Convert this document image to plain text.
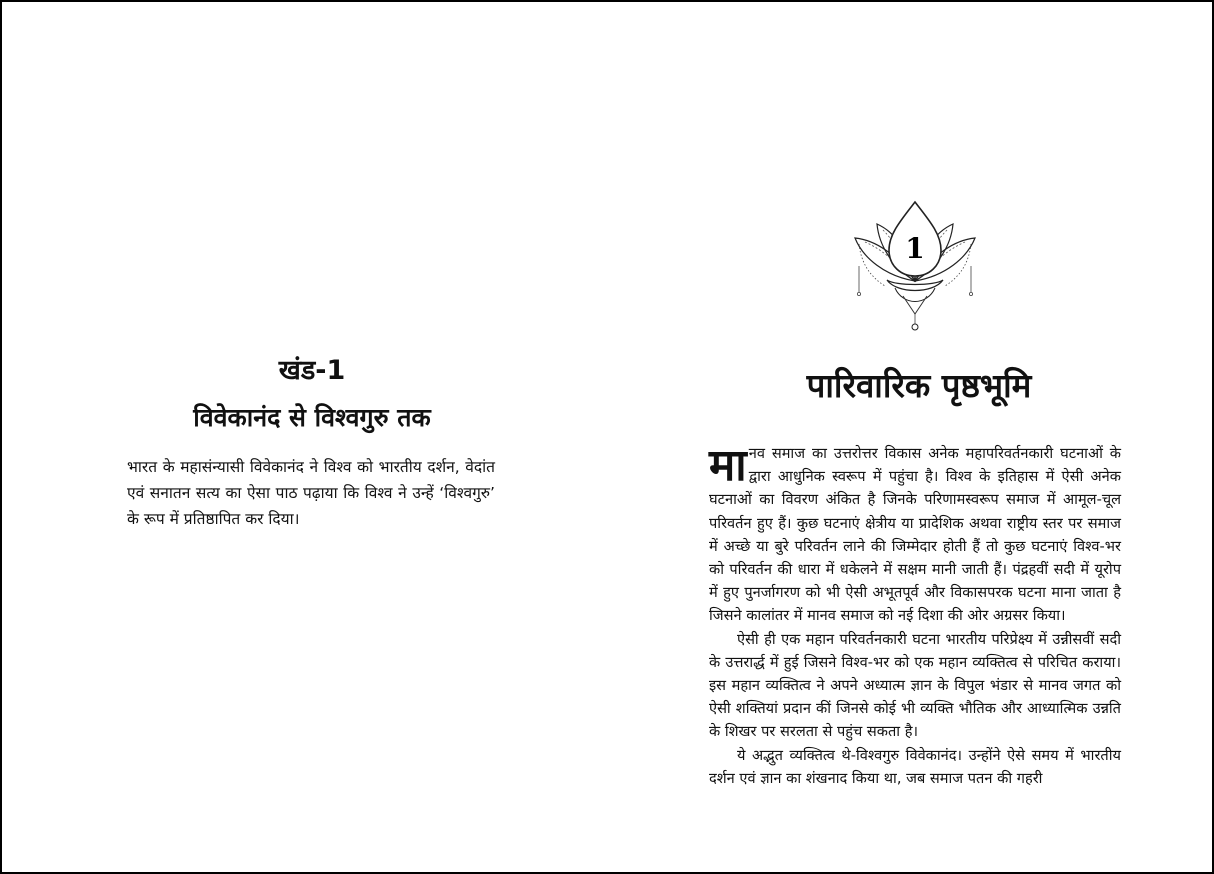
खंड-1
विवेकानंद से विश्वगुरु तक
भारत के महासंन्यासी विवेकानंद ने विश्व को भारतीय दर्शन, वेदांत एवं सनातन सत्य का ऐसा पाठ पढ़ाया कि विश्व ने उन्हें ‘विश्वगुरु’ के रूप में प्रतिष्ठापित कर दिया।
1
पारिवारिक पृष्ठभूमि

मानव समाज का उत्तरोत्तर विकास अनेक महापरिवर्तनकारी घटनाओं के द्वारा आधुनिक स्वरूप में पहुंचा है। विश्व के इतिहास में ऐसी अनेक घटनाओं का विवरण अंकित है जिनके परिणामस्वरूप समाज में आमूल-चूल परिवर्तन हुए हैं। कुछ घटनाएं क्षेत्रीय या प्रादेशिक अथवा राष्ट्रीय स्तर पर समाज में अच्छे या बुरे परिवर्तन लाने की जिम्मेदार होती हैं तो कुछ घटनाएं विश्व-भर को परिवर्तन की धारा में धकेलने में सक्षम मानी जाती हैं। पंद्रहवीं सदी में यूरोप में हुए पुनर्जागरण को भी ऐसी अभूतपूर्व और विकासपरक घटना माना जाता है जिसने कालांतर में मानव समाज को नई दिशा की ओर अग्रसर किया।

ऐसी ही एक महान परिवर्तनकारी घटना भारतीय परिप्रेक्ष्य में उन्नीसवीं सदी के उत्तरार्द्ध में हुई जिसने विश्व-भर को एक महान व्यक्तित्व से परिचित कराया। इस महान व्यक्तित्व ने अपने अध्यात्म ज्ञान के विपुल भंडार से मानव जगत को ऐसी शक्तियां प्रदान कीं जिनसे कोई भी व्यक्ति भौतिक और आध्यात्मिक उन्नति के शिखर पर सरलता से पहुंच सकता है।

ये अद्भुत व्यक्तित्व थे-विश्वगुरु विवेकानंद। उन्होंने ऐसे समय में भारतीय दर्शन एवं ज्ञान का शंखनाद किया था, जब समाज पतन की गहरी
